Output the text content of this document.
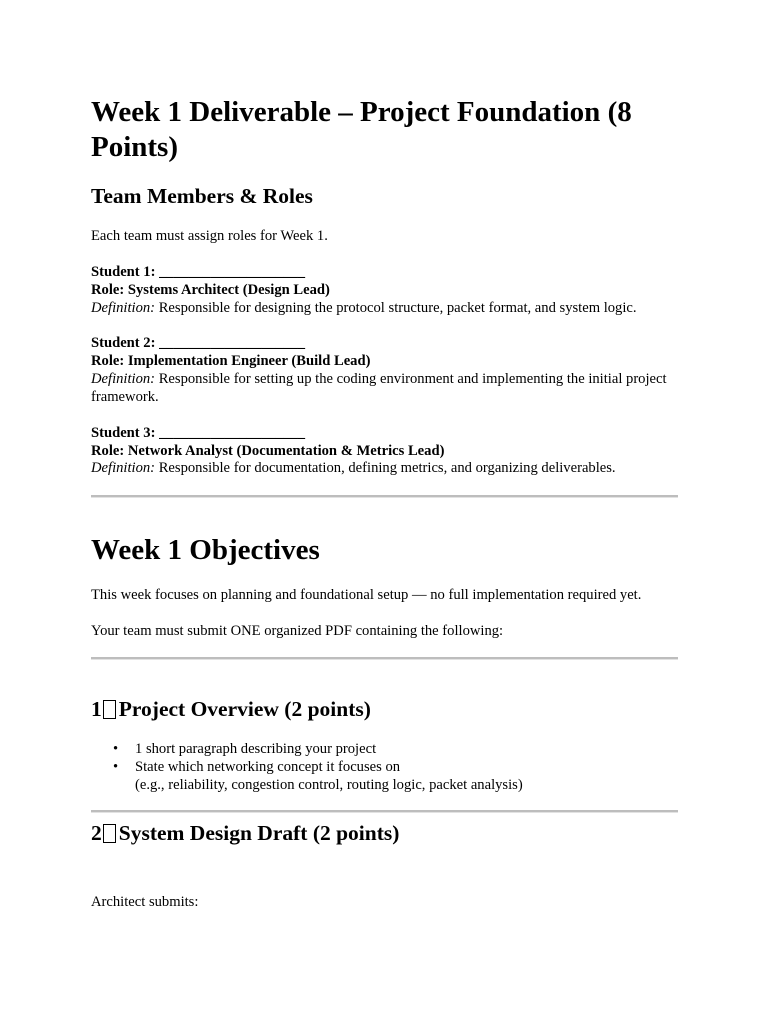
Week 1 Deliverable – Project Foundation (8 Points)
Team Members & Roles
Each team must assign roles for Week 1.
Student 1: ____________________
Role: Systems Architect (Design Lead)
Definition: Responsible for designing the protocol structure, packet format, and system logic.
Student 2: ____________________
Role: Implementation Engineer (Build Lead)
Definition: Responsible for setting up the coding environment and implementing the initial project framework.
Student 3: ____________________
Role: Network Analyst (Documentation & Metrics Lead)
Definition: Responsible for documentation, defining metrics, and organizing deliverables.
Week 1 Objectives
This week focuses on planning and foundational setup — no full implementation required yet.
Your team must submit ONE organized PDF containing the following:
1 Project Overview (2 points)
• 1 short paragraph describing your project
• State which networking concept it focuses on
(e.g., reliability, congestion control, routing logic, packet analysis)
2 System Design Draft (2 points)
Architect submits:
